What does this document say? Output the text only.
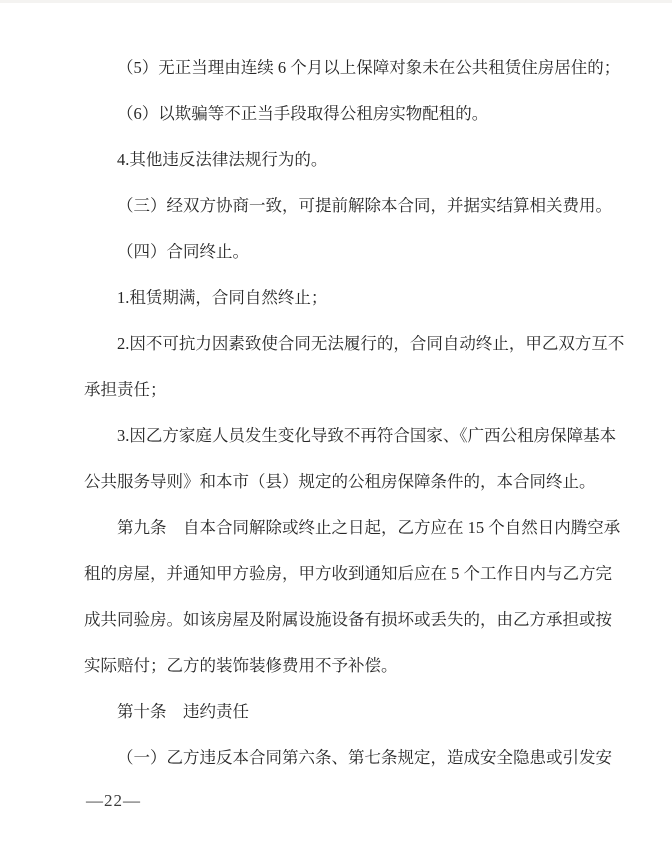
（5）无正当理由连续 6 个月以上保障对象未在公共租赁住房居住的；
（6）以欺骗等不正当手段取得公租房实物配租的。
4.其他违反法律法规行为的。
（三）经双方协商一致，可提前解除本合同，并据实结算相关费用。
（四）合同终止。
1.租赁期满，合同自然终止；
2.因不可抗力因素致使合同无法履行的，合同自动终止，甲乙双方互不
承担责任；
3.因乙方家庭人员发生变化导致不再符合国家、《广西公租房保障基本
公共服务导则》和本市（县）规定的公租房保障条件的，本合同终止。
第九条　自本合同解除或终止之日起，乙方应在 15 个自然日内腾空承
租的房屋，并通知甲方验房，甲方收到通知后应在 5 个工作日内与乙方完
成共同验房。如该房屋及附属设施设备有损坏或丢失的，由乙方承担或按
实际赔付；乙方的装饰装修费用不予补偿。
第十条　违约责任
（一）乙方违反本合同第六条、第七条规定，造成安全隐患或引发安
—22—
